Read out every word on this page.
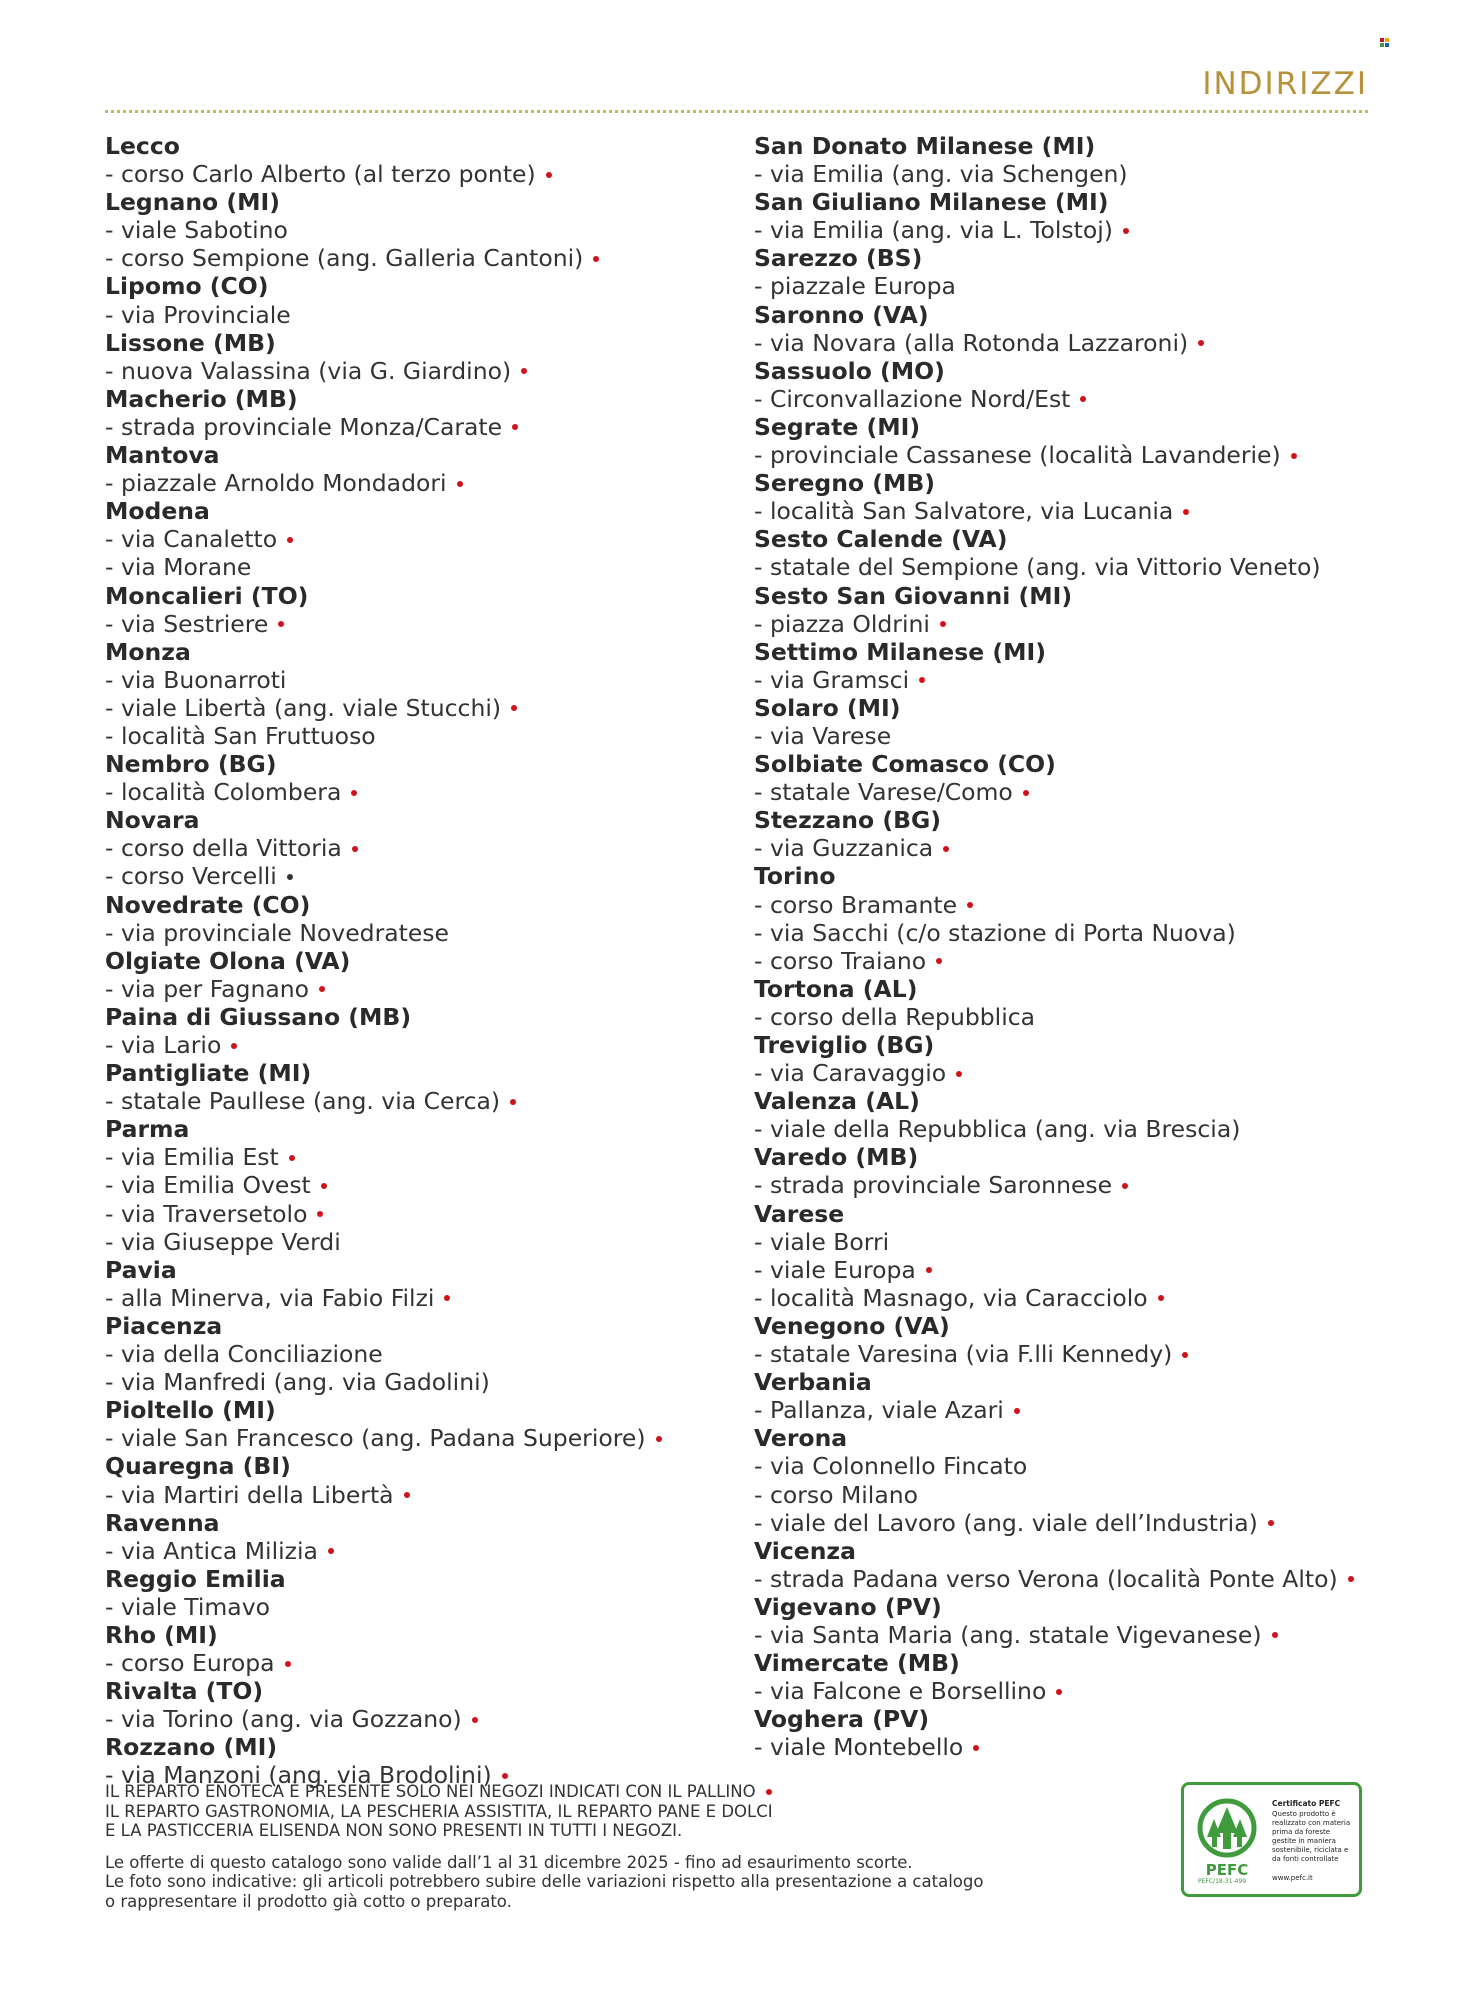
INDIRIZZI
Lecco
- corso Carlo Alberto (al terzo ponte)
Legnano (MI)
- viale Sabotino
- corso Sempione (ang. Galleria Cantoni)
Lipomo (CO)
- via Provinciale
Lissone (MB)
- nuova Valassina (via G. Giardino)
Macherio (MB)
- strada provinciale Monza/Carate
Mantova
- piazzale Arnoldo Mondadori
Modena
- via Canaletto
- via Morane
Moncalieri (TO)
- via Sestriere
Monza
- via Buonarroti
- viale Libertà (ang. viale Stucchi)
- località San Fruttuoso
Nembro (BG)
- località Colombera
Novara
- corso della Vittoria
- corso Vercelli
Novedrate (CO)
- via provinciale Novedratese
Olgiate Olona (VA)
- via per Fagnano
Paina di Giussano (MB)
- via Lario
Pantigliate (MI)
- statale Paullese (ang. via Cerca)
Parma
- via Emilia Est
- via Emilia Ovest
- via Traversetolo
- via Giuseppe Verdi
Pavia
- alla Minerva, via Fabio Filzi
Piacenza
- via della Conciliazione
- via Manfredi (ang. via Gadolini)
Pioltello (MI)
- viale San Francesco (ang. Padana Superiore)
Quaregna (BI)
- via Martiri della Libertà
Ravenna
- via Antica Milizia
Reggio Emilia
- viale Timavo
Rho (MI)
- corso Europa
Rivalta (TO)
- via Torino (ang. via Gozzano)
Rozzano (MI)
- via Manzoni (ang. via Brodolini)
San Donato Milanese (MI)
- via Emilia (ang. via Schengen)
San Giuliano Milanese (MI)
- via Emilia (ang. via L. Tolstoj)
Sarezzo (BS)
- piazzale Europa
Saronno (VA)
- via Novara (alla Rotonda Lazzaroni)
Sassuolo (MO)
- Circonvallazione Nord/Est
Segrate (MI)
- provinciale Cassanese (località Lavanderie)
Seregno (MB)
- località San Salvatore, via Lucania
Sesto Calende (VA)
- statale del Sempione (ang. via Vittorio Veneto)
Sesto San Giovanni (MI)
- piazza Oldrini
Settimo Milanese (MI)
- via Gramsci
Solaro (MI)
- via Varese
Solbiate Comasco (CO)
- statale Varese/Como
Stezzano (BG)
- via Guzzanica
Torino
- corso Bramante
- via Sacchi (c/o stazione di Porta Nuova)
- corso Traiano
Tortona (AL)
- corso della Repubblica
Treviglio (BG)
- via Caravaggio
Valenza (AL)
- viale della Repubblica (ang. via Brescia)
Varedo (MB)
- strada provinciale Saronnese
Varese
- viale Borri
- viale Europa
- località Masnago, via Caracciolo
Venegono (VA)
- statale Varesina (via F.lli Kennedy)
Verbania
- Pallanza, viale Azari
Verona
- via Colonnello Fincato
- corso Milano
- viale del Lavoro (ang. viale dell’Industria)
Vicenza
- strada Padana verso Verona (località Ponte Alto)
Vigevano (PV)
- via Santa Maria (ang. statale Vigevanese)
Vimercate (MB)
- via Falcone e Borsellino
Voghera (PV)
- viale Montebello
IL REPARTO ENOTECA È PRESENTE SOLO NEI NEGOZI INDICATI CON IL PALLINO
IL REPARTO GASTRONOMIA, LA PESCHERIA ASSISTITA, IL REPARTO PANE E DOLCI
E LA PASTICCERIA ELISENDA NON SONO PRESENTI IN TUTTI I NEGOZI.
Le offerte di questo catalogo sono valide dall’1 al 31 dicembre 2025 - fino ad esaurimento scorte.
Le foto sono indicative: gli articoli potrebbero subire delle variazioni rispetto alla presentazione a catalogo
o rappresentare il prodotto già cotto o preparato.
PEFC
PEFC/18-31-499
Certificato PEFC
Questo prodotto è realizzato con materia prima da foreste gestite in maniera sostenibile, riciclata e da fonti controllate
www.pefc.it
